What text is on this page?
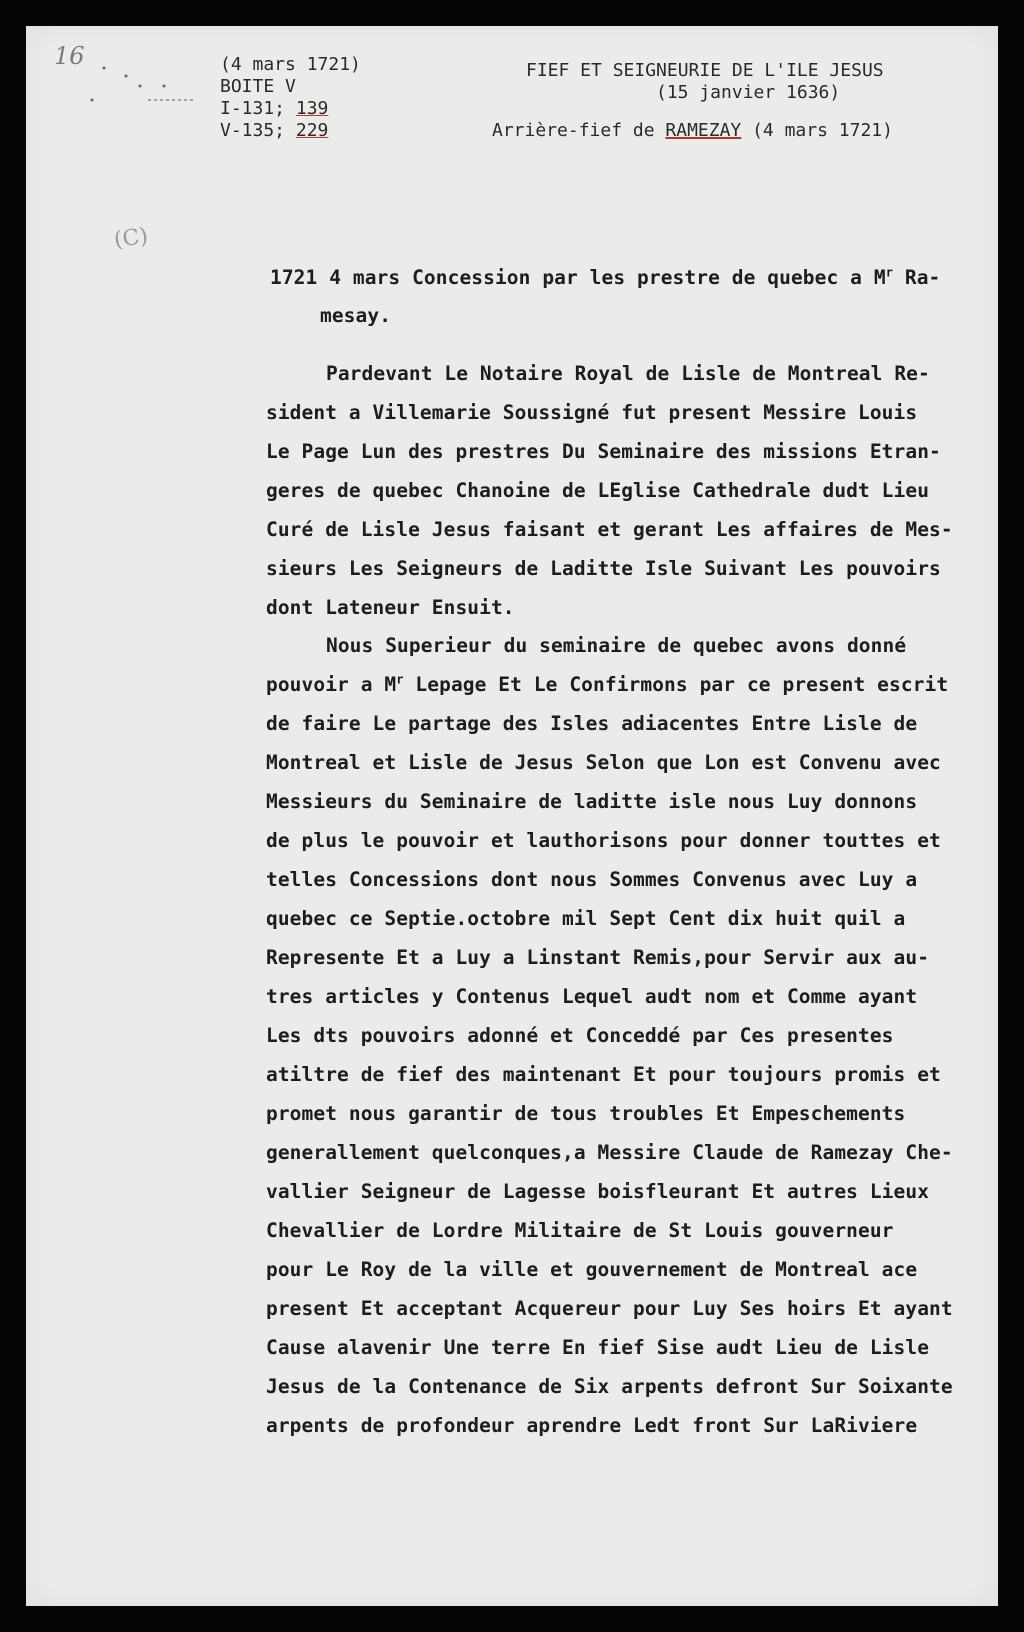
16	(4 mars 1721)
BOITE V
I-131; 139
V-135; 229
FIEF ET SEIGNEURIE DE L'ILE JESUS
(15 janvier 1636)
Arrière-fief de RAMEZAY (4 mars 1721)
(C)
1721 4 mars Concession par les prestre de quebec a $M^r$ Ra-
mesay.
Pardevant Le Notaire Royal de Lisle de Montreal Re-
sident a Villemarie Soussigné fut present Messire Louis
Le Page Lun des prestres Du Seminaire des missions Etran-
geres de quebec Chanoine de LEglise Cathedrale dudt Lieu
Curé de Lisle Jesus faisant et gerant Les affaires de Mes-
sieurs Les Seigneurs de Laditte Isle Suivant Les pouvoirs
dont Lateneur Ensuit.
Nous Superieur du seminaire de quebec avons donné
pouvoir a $M^r$ Lepage Et Le Confirmons par ce present escrit
de faire Le partage des Isles adiacentes Entre Lisle de
Montreal et Lisle de Jesus Selon que Lon est Convenu avec
Messieurs du Seminaire de laditte isle nous Luy donnons
de plus le pouvoir et lauthorisons pour donner touttes et
telles Concessions dont nous Sommes Convenus avec Luy a
quebec ce Septie.octobre mil Sept Cent dix huit quil a
Represente Et a Luy a Linstant Remis,pour Servir aux au-
tres articles y Contenus Lequel audt nom et Comme ayant
Les dts pouvoirs adonné et Conceddé par Ces presentes
atiltre de fief des maintenant Et pour toujours promis et
promet nous garantir de tous troubles Et Empeschements
generallement quelconques,a Messire Claude de Ramezay Che-
vallier Seigneur de Lagesse boisfleurant Et autres Lieux
Chevallier de Lordre Militaire de St Louis gouverneur
pour Le Roy de la ville et gouvernement de Montreal ace
present Et acceptant Acquereur pour Luy Ses hoirs Et ayant
Cause alavenir Une terre En fief Sise audt Lieu de Lisle
Jesus de la Contenance de Six arpents defront Sur Soixante
arpents de profondeur aprendre Ledt front Sur LaRiviere
